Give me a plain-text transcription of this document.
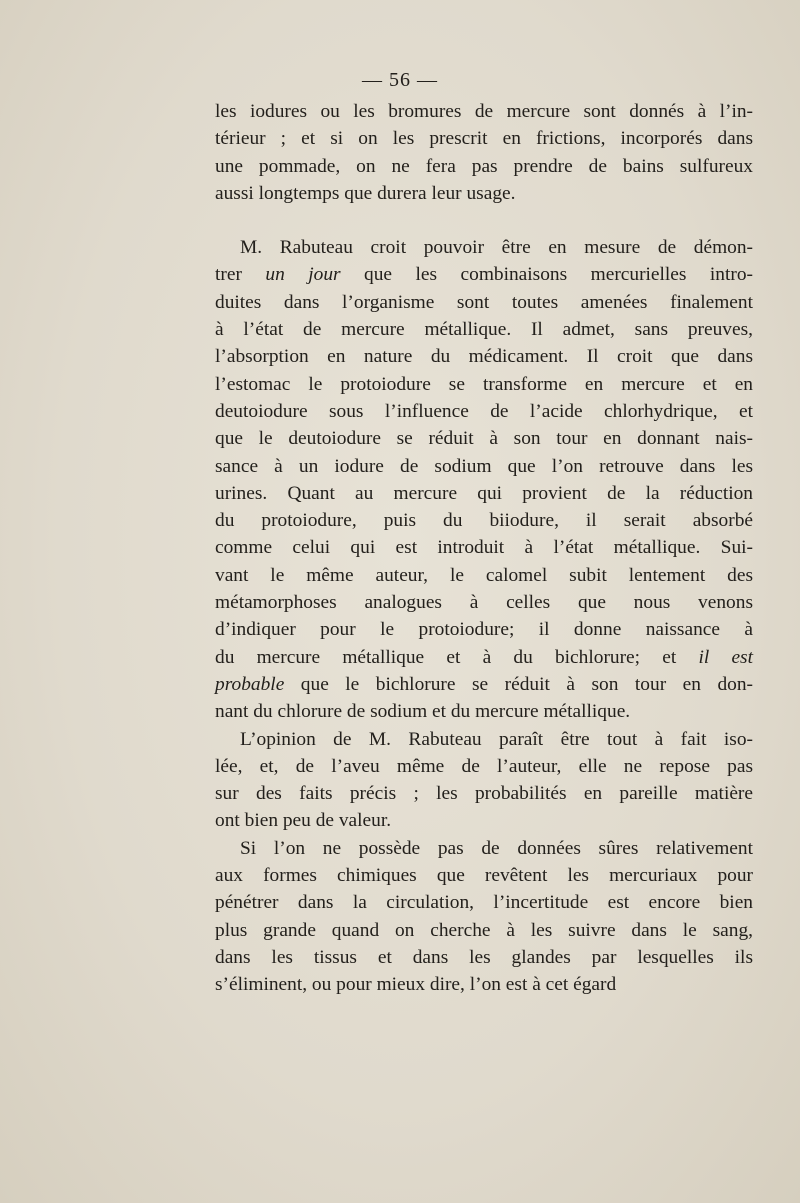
— 56 —
les iodures ou les bromures de mercure sont donnés à l’in-
térieur ; et si on les prescrit en frictions, incorporés dans
une pommade, on ne fera pas prendre de bains sulfureux
aussi longtemps que durera leur usage.
M. Rabuteau croit pouvoir être en mesure de démon-
trer un jour que les combinaisons mercurielles intro-
duites dans l’organisme sont toutes amenées finalement
à l’état de mercure métallique. Il admet, sans preuves,
l’absorption en nature du médicament. Il croit que dans
l’estomac le protoiodure se transforme en mercure et en
deutoiodure sous l’influence de l’acide chlorhydrique, et
que le deutoiodure se réduit à son tour en donnant nais-
sance à un iodure de sodium que l’on retrouve dans les
urines. Quant au mercure qui provient de la réduction
du protoiodure, puis du biiodure, il serait absorbé
comme celui qui est introduit à l’état métallique. Sui-
vant le même auteur, le calomel subit lentement des
métamorphoses analogues à celles que nous venons
d’indiquer pour le protoiodure; il donne naissance à
du mercure métallique et à du bichlorure; et il est
probable que le bichlorure se réduit à son tour en don-
nant du chlorure de sodium et du mercure métallique.
L’opinion de M. Rabuteau paraît être tout à fait iso-
lée, et, de l’aveu même de l’auteur, elle ne repose pas
sur des faits précis ; les probabilités en pareille matière
ont bien peu de valeur.
Si l’on ne possède pas de données sûres relativement
aux formes chimiques que revêtent les mercuriaux pour
pénétrer dans la circulation, l’incertitude est encore bien
plus grande quand on cherche à les suivre dans le sang,
dans les tissus et dans les glandes par lesquelles ils
s’éliminent, ou pour mieux dire, l’on est à cet égard
